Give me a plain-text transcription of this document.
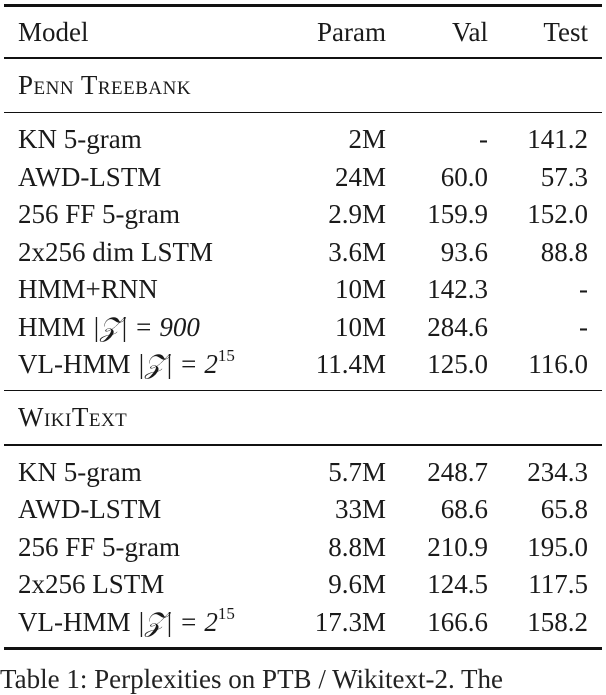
Model	Param	Val	Test
Penn Treebank
KN 5-gram	2M	-	141.2
AWD-LSTM	24M	60.0	57.3
256 FF 5-gram	2.9M	159.9	152.0
2x256 dim LSTM	3.6M	93.6	88.8
HMM+RNN	10M	142.3	-
HMM |𝒵| = 900	10M	284.6	-
VL-HMM |𝒵| = $2^{15}$	11.4M	125.0	116.0
WikiText
KN 5-gram	5.7M	248.7	234.3
AWD-LSTM	33M	68.6	65.8
256 FF 5-gram	8.8M	210.9	195.0
2x256 LSTM	9.6M	124.5	117.5
VL-HMM |𝒵| = $2^{15}$	17.3M	166.6	158.2
Table 1: Perplexities on PTB / Wikitext-2. The
